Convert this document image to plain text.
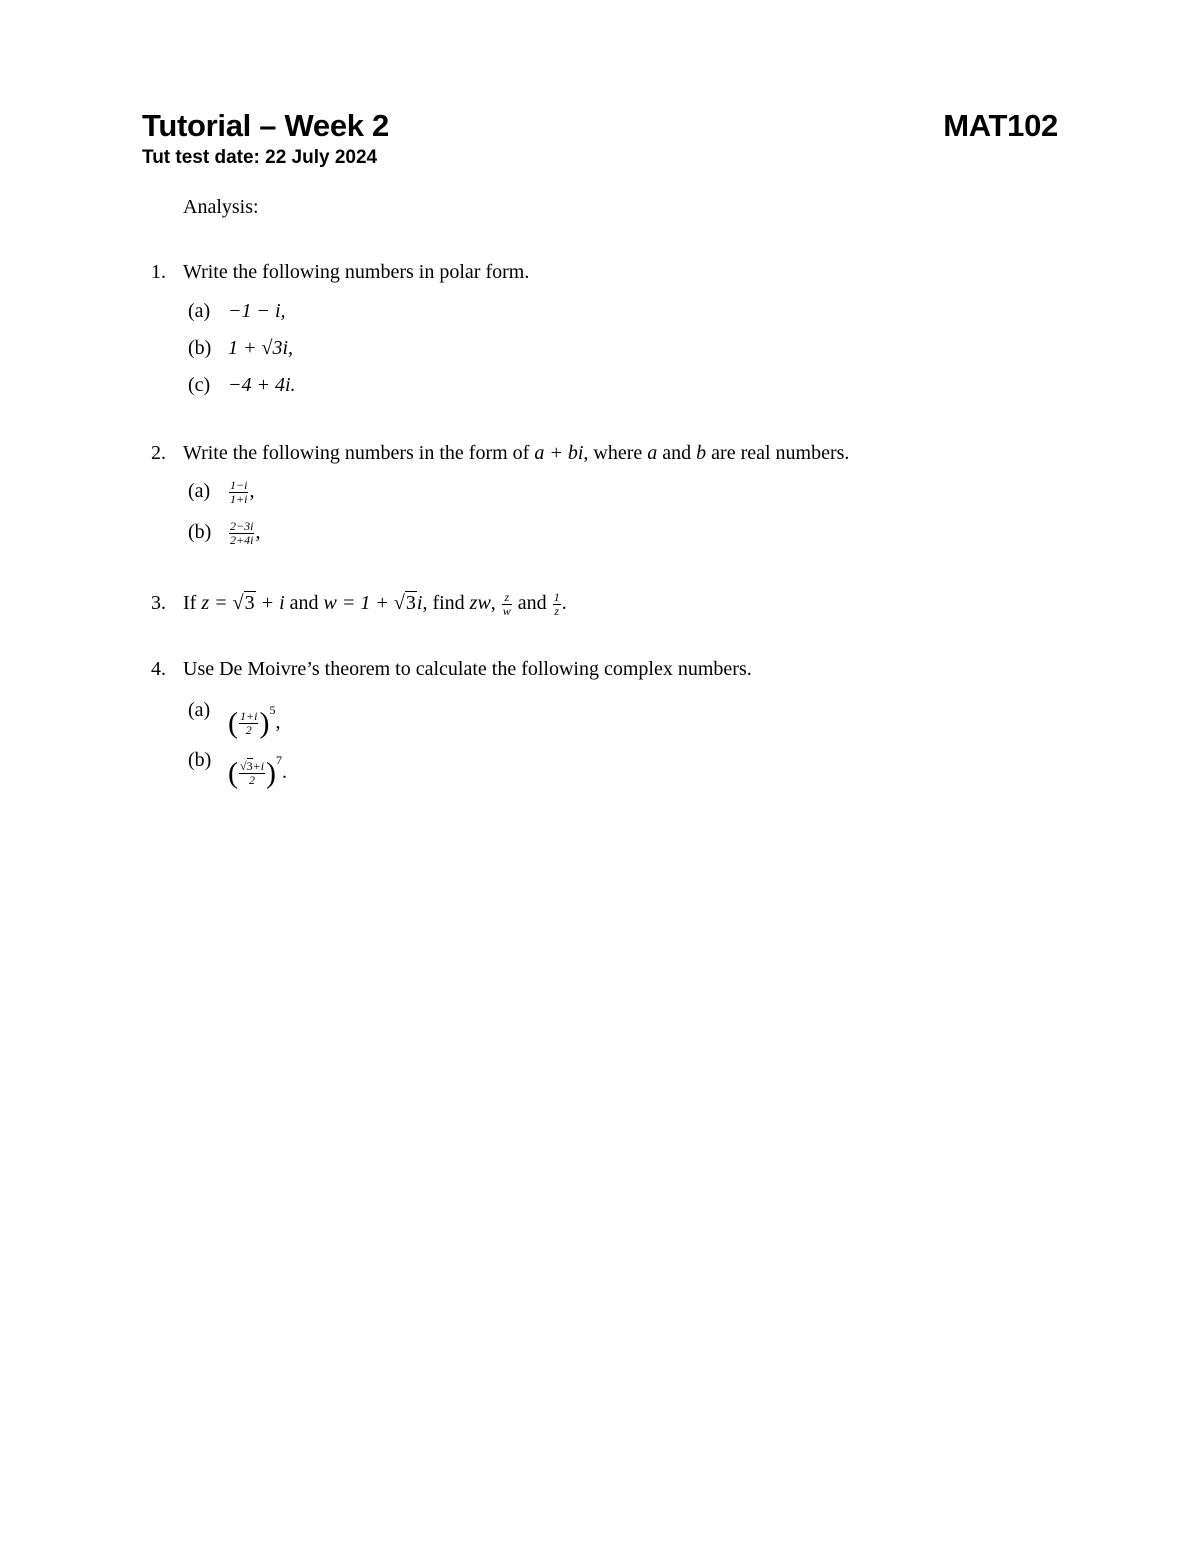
Tutorial – Week 2	MAT102
Tut test date: 22 July 2024
Analysis:
1. Write the following numbers in polar form.
(a) −1 − i,
(b) 1 + √3i,
(c) −4 + 4i.
2. Write the following numbers in the form of a + bi, where a and b are real numbers.
$(a) \frac{1-i}{1+i}$ ,
$(b) \frac{2-3i}{2+4i}$ ,
3. If z = √3 + i and w = 1 + √3i, find zw, $\frac{z}{w}$ and $\frac{1}{z}$ .
4. Use De Moivre’s theorem to calculate the following complex numbers.
(a) ( $\frac{1+i}{2} )^5$,
(b) ( $\frac{√3+i}{2} )^7$.
